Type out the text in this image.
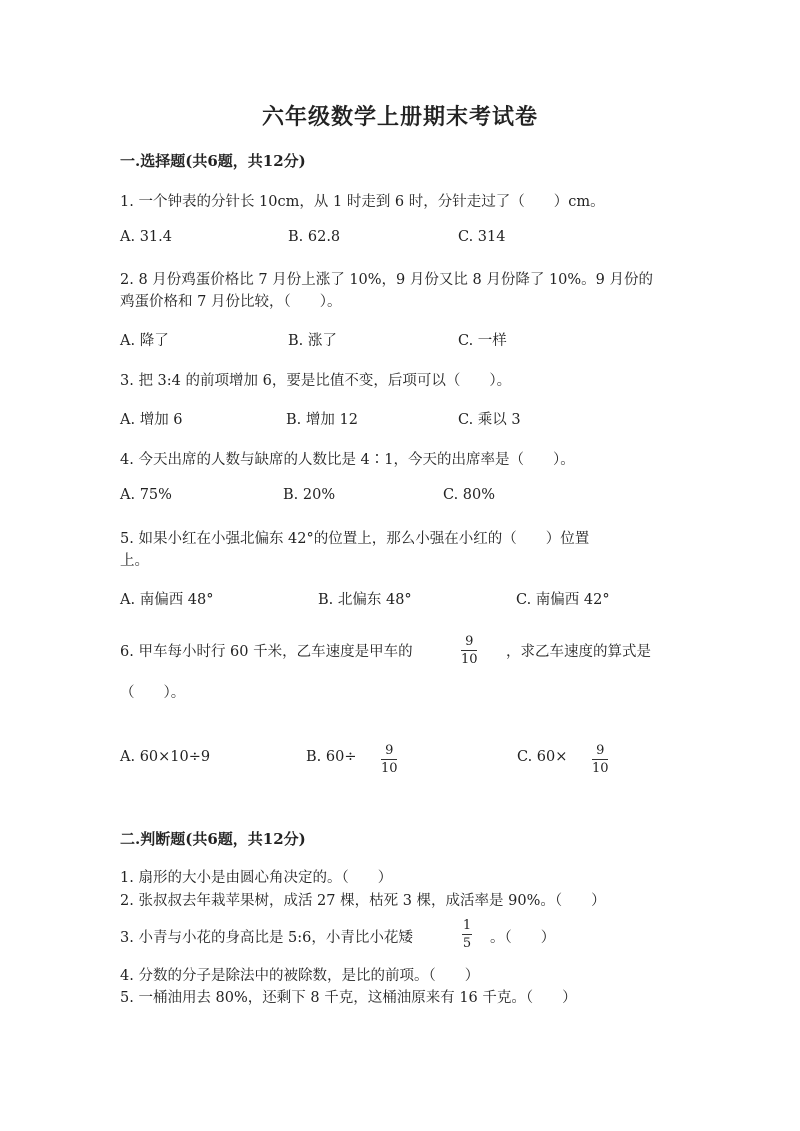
六年级数学上册期末考试卷
一.选择题(共6题，共12分)
1. 一个钟表的分针长 10cm，从 1 时走到 6 时，分针走过了（　　）cm。
A. 31.4	B. 62.8	C. 314
2. 8 月份鸡蛋价格比 7 月份上涨了 10%，9 月份又比 8 月份降了 10%。9 月份的
鸡蛋价格和 7 月份比较，（　　）。
A. 降了	B. 涨了	C. 一样
3. 把 3:4 的前项增加 6，要是比值不变，后项可以（　　）。
A. 增加 6	B. 增加 12	C. 乘以 3
4. 今天出席的人数与缺席的人数比是 4∶1，今天的出席率是（　　）。
A. 75%	B. 20%	C. 80%
5. 如果小红在小强北偏东 42°的位置上，那么小强在小红的（　　）位置
上。
A. 南偏西 48°	B. 北偏东 48°	C. 南偏西 42°
6. 甲车每小时行 60 千米，乙车速度是甲车的
9
10 ，求乙车速度的算式是
（　　）。
A. 60×10÷9	B. 60÷ 9
10
C. 60× 9
10
二.判断题(共6题，共12分)
1. 扇形的大小是由圆心角决定的。（　　）
2. 张叔叔去年栽苹果树，成活 27 棵，枯死 3 棵，成活率是 90%。（　　）
3. 小青与小花的身高比是 5:6，小青比小花矮
1
5 。（　　）
4. 分数的分子是除法中的被除数，是比的前项。（　　）
5. 一桶油用去 80%，还剩下 8 千克，这桶油原来有 16 千克。（　　）
